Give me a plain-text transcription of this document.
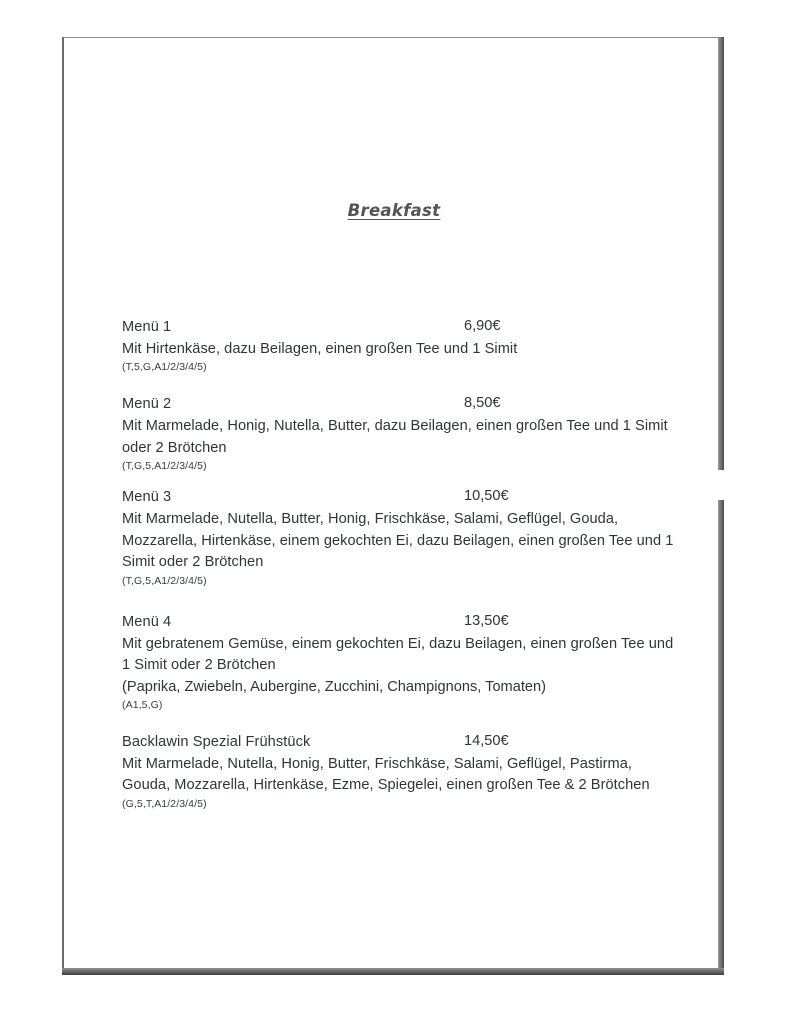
Breakfast
Menü 1	6,90€
Mit Hirtenkäse, dazu Beilagen, einen großen Tee und 1 Simit
(T,5,G,A1/2/3/4/5)
Menü 2	8,50€
Mit Marmelade, Honig, Nutella, Butter, dazu Beilagen, einen großen Tee und 1 Simit oder 2 Brötchen
(T,G,5,A1/2/3/4/5)
Menü 3	10,50€
Mit Marmelade, Nutella, Butter, Honig, Frischkäse, Salami, Geflügel, Gouda, Mozzarella, Hirtenkäse, einem gekochten Ei, dazu Beilagen, einen großen Tee und 1 Simit oder 2 Brötchen
(T,G,5,A1/2/3/4/5)
Menü 4	13,50€
Mit gebratenem Gemüse, einem gekochten Ei, dazu Beilagen, einen großen Tee und 1 Simit oder 2 Brötchen
(Paprika, Zwiebeln, Aubergine, Zucchini, Champignons, Tomaten)
(A1,5,G)
Backlawin Spezial Frühstück	14,50€
Mit Marmelade, Nutella, Honig, Butter, Frischkäse, Salami, Geflügel, Pastirma, Gouda, Mozzarella, Hirtenkäse, Ezme, Spiegelei, einen großen Tee & 2 Brötchen
(G,5,T,A1/2/3/4/5)
